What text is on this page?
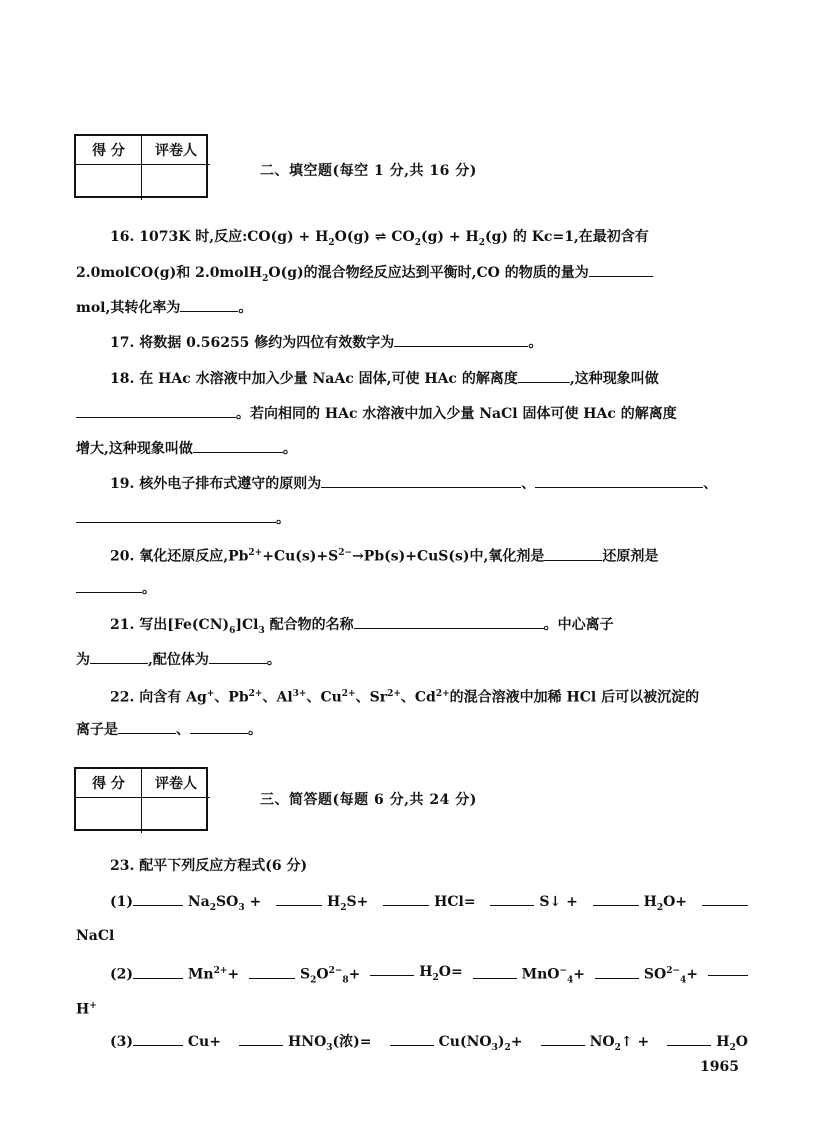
得 分	评卷人
二、填空题(每空 1 分,共 16 分)
16. 1073K 时,反应:CO(g) + $H_2O(g)$ ⇌ $CO_2(g) + H_2(g)$ 的 Kc=1,在最初含有
2.0molCO(g)和 2.0molH$_2$O(g)的混合物经反应达到平衡时,CO 的物质的量为
mol,其转化率为	。
17. 将数据 0.56255 修约为四位有效数字为	。
18. 在 HAc 水溶液中加入少量 NaAc 固体,可使 HAc 的解离度	,这种现象叫做
。若向相同的 HAc 水溶液中加入少量 NaCl 固体可使 HAc 的解离度
增大,这种现象叫做	。
19. 核外电子排布式遵守的原则为	、	、
。
20. 氧化还原反应$,Pb^{2+}+Cu(s)+S^{2-}\to Pb(s)+CuS(s)$中,氧化剂是	还原剂是
。
21. 写出$[Fe(CN)_6]Cl_3$ 配合物的名称	。中心离子
为	,配位体为	。
22. 向含有 Ag+、$Pb^{2+}$、$Al^{3+}$、$Cu^{2+}$、$Sr^{2+}$、$Cd^{2+}$的混合溶液中加稀 HCl 后可以被沉淀的
离子是	、	。
得 分	评卷人
三、简答题(每题 6 分,共 24 分)
23. 配平下列反应方程式(6 分)
(1)	$Na_2SO_3$ +	$H_2S+$	HCl=	S↓ +	$H_2O+$
NaCl
(2)	$Mn^{2+}+$	$S_2O^{2-}_8+$	$H_2O=$	MnO−$_4$+	$SO^{2-}_4+$
H+
(3)	Cu+	$HNO_3$(浓)=	$Cu(NO_3)_2+$	$NO_2↑$ +	$H_2O$
1965
